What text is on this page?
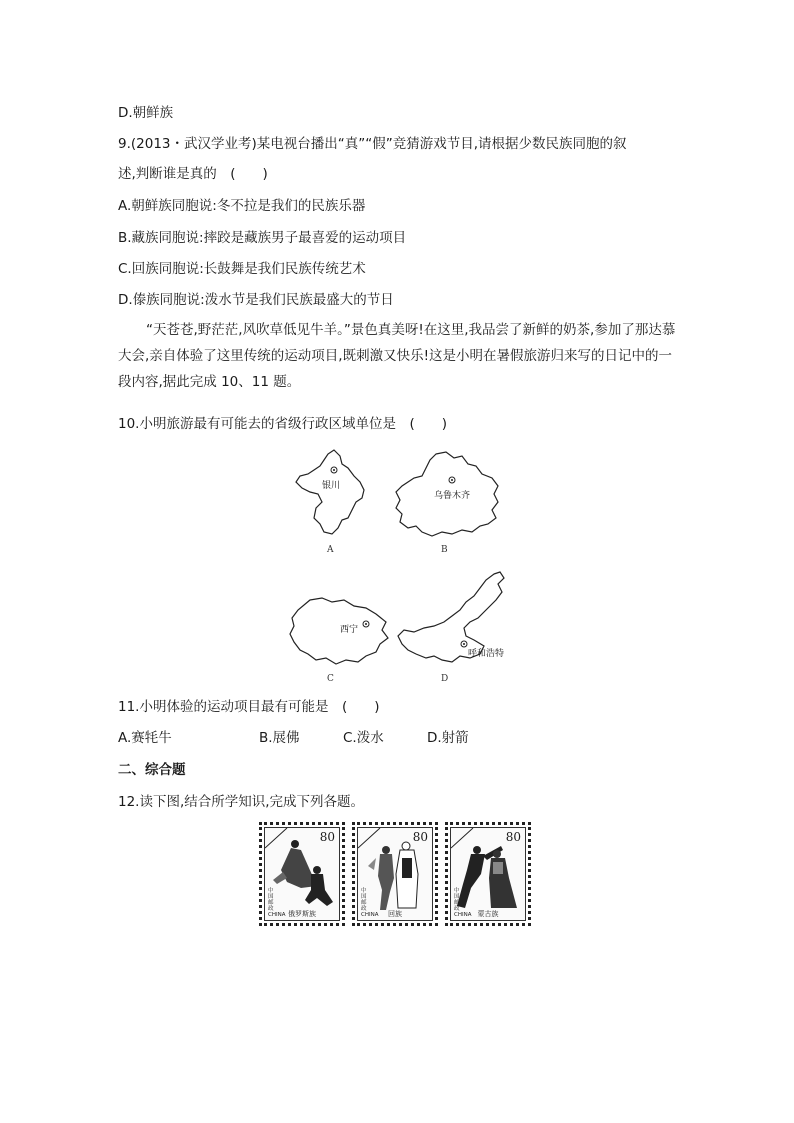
D.朝鲜族
9.(2013・武汉学业考)某电视台播出“真”“假”竞猜游戏节目,请根据少数民族同胞的叙
述,判断谁是真的　(　　)
A.朝鲜族同胞说:冬不拉是我们的民族乐器
B.藏族同胞说:摔跤是藏族男子最喜爱的运动项目
C.回族同胞说:长鼓舞是我们民族传统艺术
D.傣族同胞说:泼水节是我们民族最盛大的节日
“天苍苍,野茫茫,风吹草低见牛羊。”景色真美呀!在这里,我品尝了新鲜的奶茶,参加了那达慕大会,亲自体验了这里传统的运动项目,既刺激又快乐!这是小明在暑假旅游归来写的日记中的一段内容,据此完成 10、11 题。
10.小明旅游最有可能去的省级行政区域单位是　(　　)
银川
A
乌鲁木齐
B
西宁
C
呼和浩特
D
11.小明体验的运动项目最有可能是　(　　)
A.赛牦牛	B.展佛	C.泼水	D.射箭
二、综合题
12.读下图,结合所学知识,完成下列各题。
80
中国邮政 CHINA 俄罗斯族
80
中国邮政 CHINA	回族
80
中国邮政 CHINA 蒙古族
